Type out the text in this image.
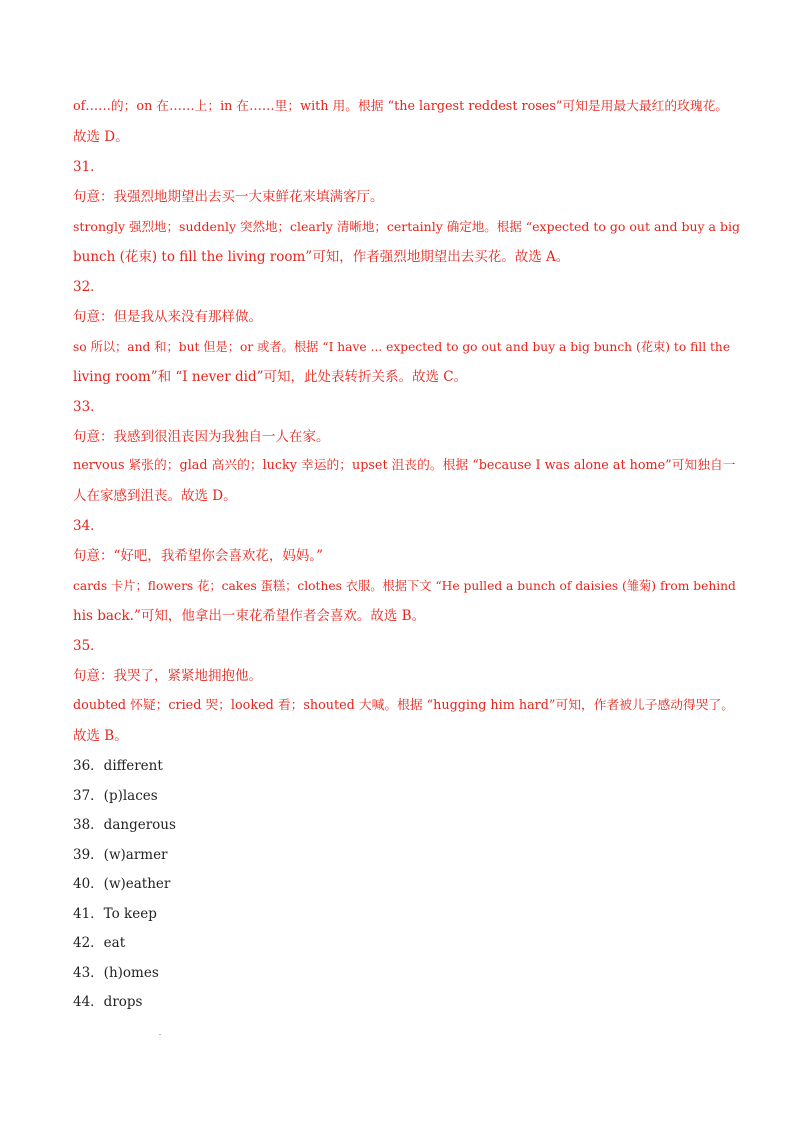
of……的；on 在……上；in 在……里；with 用。根据 “the largest reddest roses”可知是用最大最红的玫瑰花。
故选 D。
31．
句意：我强烈地期望出去买一大束鲜花来填满客厅。
strongly 强烈地；suddenly 突然地；clearly 清晰地；certainly 确定地。根据 “expected to go out and buy a big
bunch (花束) to fill the living room”可知，作者强烈地期望出去买花。故选 A。
32．
句意：但是我从来没有那样做。
so 所以；and 和；but 但是；or 或者。根据 “I have ... expected to go out and buy a big bunch (花束) to fill the
living room”和 “I never did”可知，此处表转折关系。故选 C。
33．
句意：我感到很沮丧因为我独自一人在家。
nervous 紧张的；glad 高兴的；lucky 幸运的；upset 沮丧的。根据 “because I was alone at home”可知独自一
人在家感到沮丧。故选 D。
34．
句意：“好吧，我希望你会喜欢花，妈妈。”
cards 卡片；flowers 花；cakes 蛋糕；clothes 衣服。根据下文 “He pulled a bunch of daisies (雏菊) from behind
his back.”可知，他拿出一束花希望作者会喜欢。故选 B。
35．
句意：我哭了，紧紧地拥抱他。
doubted 怀疑；cried 哭；looked 看；shouted 大喊。根据 “hugging him hard”可知，作者被儿子感动得哭了。
故选 B。
36．different
37．(p)laces
38．dangerous
39．(w)armer
40．(w)eather
41．To keep
42．eat
43．(h)omes
44．drops
